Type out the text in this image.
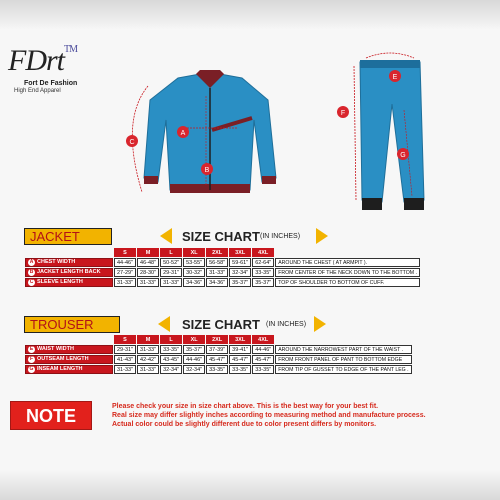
FDrt™
Fort De Fashion
High End Apparel
A
B
C
E
F
G
JACKET	SIZE CHART (IN INCHES)
	S	M	L	XL	2XL	3XL	4XL	
A CHEST WIDTH	44-46"	46-48"	50-52"	53-55"	56-58"	59-61"	62-64"	AROUND THE CHEST ( AT ARMPIT ).
B JACKET LENGTH BACK	27-29"	28-30"	29-31"	30-32"	31-33"	32-34"	33-35"	FROM CENTER OF THE NECK DOWN TO THE BOTTOM .
C SLEEVE LENGTH	31-33"	31-33"	31-33"	34-36"	34-36"	35-37"	35-37"	TOP OF SHOULDER TO BOTTOM OF CUFF.
TROUSER	SIZE CHART (IN INCHES)
	S	M	L	XL	2XL	3XL	4XL	
E WAIST WIDTH	29-31"	31-33"	33-35"	35-37"	37-39"	39-41"	44-46"	AROUND THE NARROWEST PART OF THE WAIST .
F OUTSEAM LENGTH	41-43"	42-42"	43-45"	44-46"	45-47"	45-47"	45-47"	FROM FRONT PANEL OF PANT TO BOTTOM EDGE
G INSEAM LENGTH	31-33"	31-33"	32-34"	32-34"	33-35"	33-35"	33-35"	FROM TIP OF GUSSET TO EDGE OF THE PANT LEG .
NOTE	Please check your size in size chart above. This is the best way for your best fit.
Real size may differ slightly inches according to measuring method and manufacture process.
Actual color could be slightly different due to color present differs by monitors.
